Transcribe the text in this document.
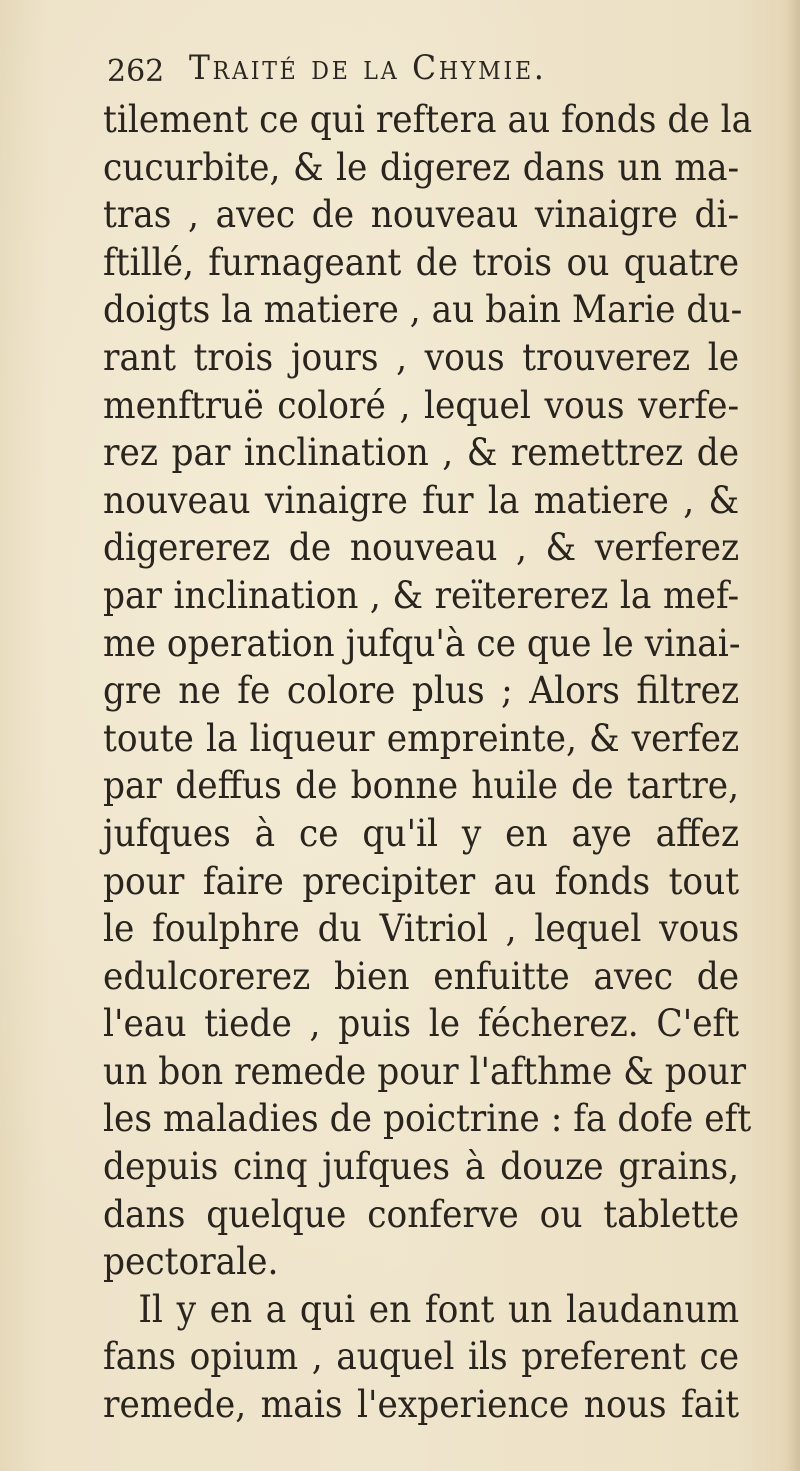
262 Traité de la Chymie.
tilement ce qui reftera au fonds de la
cucurbite, & le digerez dans un ma-
tras , avec de nouveau vinaigre di-
ftillé, furnageant de trois ou quatre
doigts la matiere , au bain Marie du-
rant trois jours , vous trouverez le
menftruë coloré , lequel vous verfe-
rez par inclination , & remettrez de
nouveau vinaigre fur la matiere , &
digererez de nouveau , & verferez
par inclination , & reïtererez la mef-
me operation jufqu'à ce que le vinai-
gre ne fe colore plus ; Alors filtrez
toute la liqueur empreinte, & verfez
par deffus de bonne huile de tartre,
jufques à ce qu'il y en aye affez
pour faire precipiter au fonds tout
le foulphre du Vitriol , lequel vous
edulcorerez bien enfuitte avec de
l'eau tiede , puis le fécherez. C'eft
un bon remede pour l'afthme & pour
les maladies de poictrine : fa dofe eft
depuis cinq jufques à douze grains,
dans quelque conferve ou tablette
pectorale.
Il y en a qui en font un laudanum
fans opium , auquel ils preferent ce
remede, mais l'experience nous fait
